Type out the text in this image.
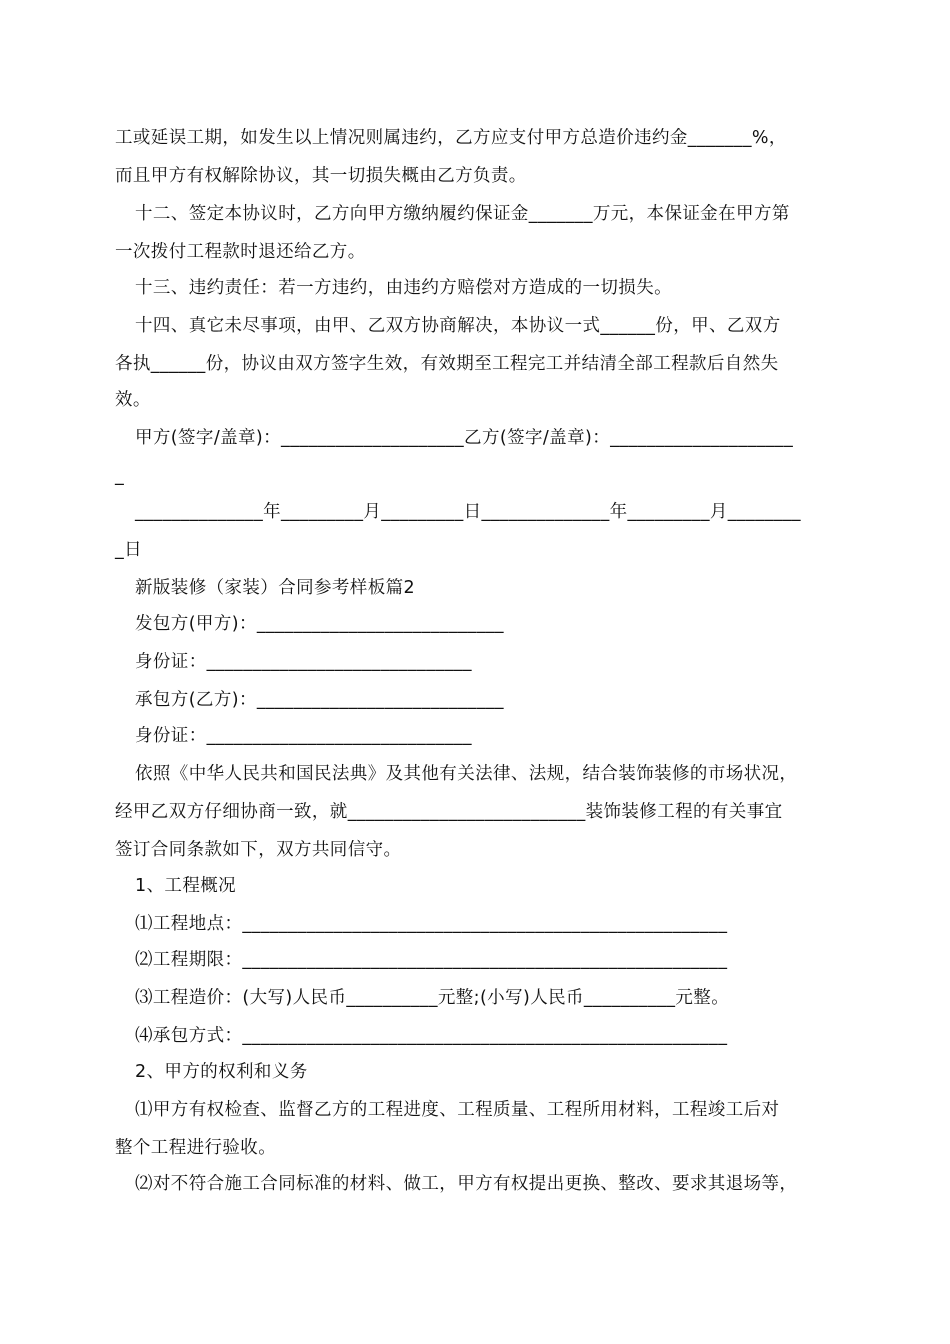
工或延误工期，如发生以上情况则属违约，乙方应支付甲方总造价违约金_______%，
而且甲方有权解除协议，其一切损失概由乙方负责。
十二、签定本协议时，乙方向甲方缴纳履约保证金_______万元，本保证金在甲方第
一次拨付工程款时退还给乙方。
十三、违约责任：若一方违约，由违约方赔偿对方造成的一切损失。
十四、真它未尽事项，由甲、乙双方协商解决，本协议一式______份，甲、乙双方
各执______份，协议由双方签字生效，有效期至工程完工并结清全部工程款后自然失
效。
甲方(签字/盖章)：____________________乙方(签字/盖章)：____________________
_
______________年_________月_________日______________年_________月________
_日
新版装修（家装）合同参考样板篇2
发包方(甲方)：___________________________
身份证：_____________________________
承包方(乙方)：___________________________
身份证：_____________________________
依照《中华人民共和国民法典》及其他有关法律、法规，结合装饰装修的市场状况，
经甲乙双方仔细协商一致，就__________________________装饰装修工程的有关事宜
签订合同条款如下，双方共同信守。
1、工程概况
⑴工程地点：_____________________________________________________
⑵工程期限：_____________________________________________________
⑶工程造价：(大写)人民币__________元整;(小写)人民币__________元整。
⑷承包方式：_____________________________________________________
2、甲方的权利和义务
⑴甲方有权检查、监督乙方的工程进度、工程质量、工程所用材料，工程竣工后对
整个工程进行验收。
⑵对不符合施工合同标准的材料、做工，甲方有权提出更换、整改、要求其退场等，
